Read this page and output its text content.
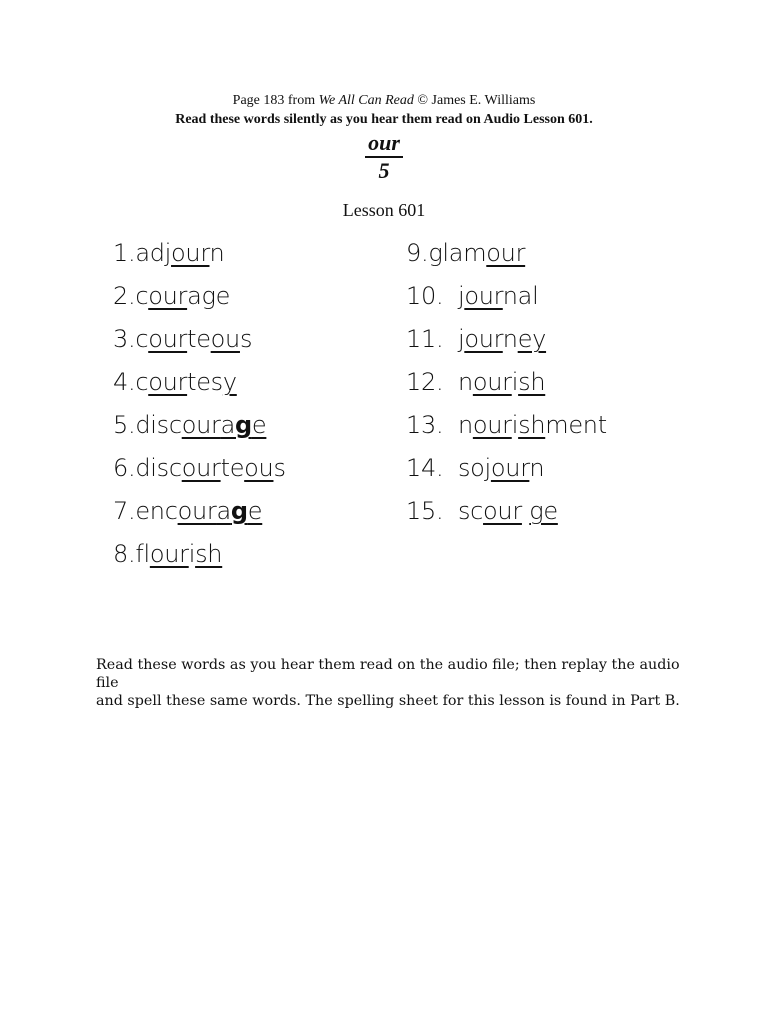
Page 183 from We All Can Read © James E. Williams
Read these words silently as you hear them read on Audio Lesson 601.
our
5
Lesson 601
1.adjourn
2.courage
3.courteous
4.courtesy
5.discourage
6.discourteous
7.encourage
8.flourish
9.glamour
10.  journal
11.  journey
12.  nourish
13.  nourishment
14.  sojourn
15.  scour ge
Read these words as you hear them read on the audio file; then replay the audio file
and spell these same words. The spelling sheet for this lesson is found in Part B.
